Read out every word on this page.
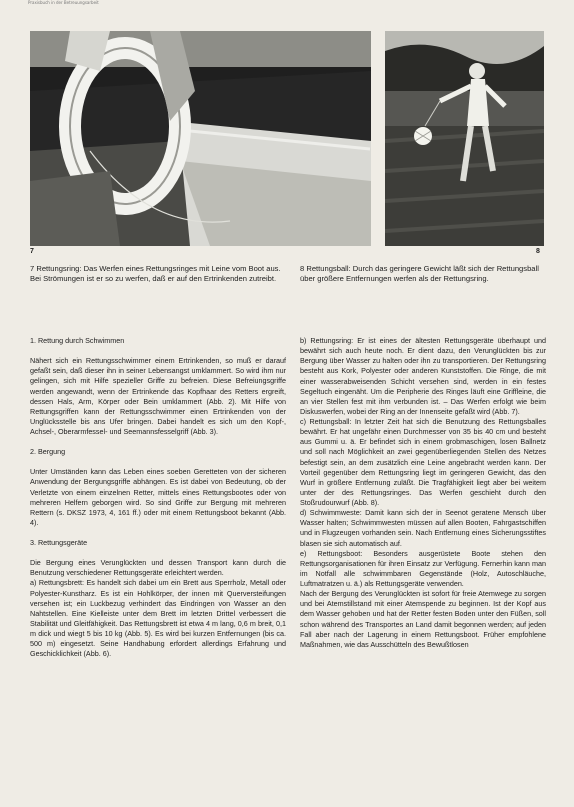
Praxisbuch in der Betreuungsarbeit
7	8
7 Rettungsring: Das Werfen eines Rettungsringes mit Leine vom Boot aus. Bei Strömungen ist er so zu werfen, daß er auf den Ertrinkenden zutreibt.
8 Rettungsball: Durch das geringere Gewicht läßt sich der Rettungsball über größere Entfernungen werfen als der Rettungsring.

1. Rettung durch Schwimmen

Nähert sich ein Rettungsschwimmer einem Ertrinkenden, so muß er darauf gefaßt sein, daß dieser ihn in seiner Lebensangst umklammert. So wird ihm nur gelingen, sich mit Hilfe spezieller Griffe zu befreien. Diese Befreiungsgriffe werden angewandt, wenn der Ertrinkende das Kopfhaar des Retters ergreift, dessen Hals, Arm, Körper oder Bein umklammert (Abb. 2). Mit Hilfe von Rettungsgriffen kann der Rettungsschwimmer einen Ertrinkenden von der Unglücksstelle bis ans Ufer bringen. Dabei handelt es sich um den Kopf-, Achsel-, Oberarmfessel- und Seemannsfesselgriff (Abb. 3).

2. Bergung

Unter Umständen kann das Leben eines soeben Geretteten von der sicheren Anwendung der Bergungsgriffe abhängen. Es ist dabei von Bedeutung, ob der Verletzte von einem einzelnen Retter, mittels eines Rettungsbootes oder von mehreren Helfern geborgen wird. So sind Griffe zur Bergung mit mehreren Rettern (s. DKSZ 1973, 4, 161 ff.) oder mit einem Rettungsboot bekannt (Abb. 4).

3. Rettungsgeräte

Die Bergung eines Verunglückten und dessen Transport kann durch die Benutzung verschiedener Rettungsgeräte erleichtert werden.

a) Rettungsbrett: Es handelt sich dabei um ein Brett aus Sperrholz, Metall oder Polyester-Kunstharz. Es ist ein Hohlkörper, der innen mit Querversteifungen versehen ist; ein Luckbezug verhindert das Eindringen von Wasser an den Nahtstellen. Eine Kielleiste unter dem Brett im letzten Drittel verbessert die Stabilität und Gleitfähigkeit. Das Rettungsbrett ist etwa 4 m lang, 0,6 m breit, 0,1 m dick und wiegt 5 bis 10 kg (Abb. 5). Es wird bei kurzen Entfernungen (bis ca. 500 m) eingesetzt. Seine Handhabung erfordert allerdings Erfahrung und Geschicklichkeit (Abb. 6).

b) Rettungsring: Er ist eines der ältesten Rettungsgeräte überhaupt und bewährt sich auch heute noch. Er dient dazu, den Verunglückten bis zur Bergung über Wasser zu halten oder ihn zu transportieren. Der Rettungsring besteht aus Kork, Polyester oder anderen Kunststoffen. Die Ringe, die mit einer wasserabweisenden Schicht versehen sind, werden in ein festes Segeltuch eingenäht. Um die Peripherie des Ringes läuft eine Griffleine, die an vier Stellen fest mit ihm verbunden ist. – Das Werfen erfolgt wie beim Diskuswerfen, wobei der Ring an der Innenseite gefaßt wird (Abb. 7).

c) Rettungsball: In letzter Zeit hat sich die Benutzung des Rettungsballes bewährt. Er hat ungefähr einen Durchmesser von 35 bis 40 cm und besteht aus Gummi u. ä. Er befindet sich in einem grobmaschigen, losen Ballnetz und soll nach Möglichkeit an zwei gegenüberliegenden Stellen des Netzes befestigt sein, an dem zusätzlich eine Leine angebracht werden kann. Der Vorteil gegenüber dem Rettungsring liegt im geringeren Gewicht, das den Wurf in größere Entfernung zuläßt. Die Tragfähigkeit liegt aber bei weitem unter der des Rettungsringes. Das Werfen geschieht durch den Stoßrudourwurf (Abb. 8).

d) Schwimmweste: Damit kann sich der in Seenot geratene Mensch über Wasser halten; Schwimmwesten müssen auf allen Booten, Fahrgastschiffen und in Flugzeugen vorhanden sein. Nach Entfernung eines Sicherungsstiftes blasen sie sich automatisch auf.

e) Rettungsboot: Besonders ausgerüstete Boote stehen den Rettungsorganisationen für ihren Einsatz zur Verfügung. Fernerhin kann man im Notfall alle schwimmbaren Gegenstände (Holz, Autoschläuche, Luftmatratzen u. ä.) als Rettungsgeräte verwenden.

Nach der Bergung des Verunglückten ist sofort für freie Atemwege zu sorgen und bei Atemstillstand mit einer Atemspende zu beginnen. Ist der Kopf aus dem Wasser gehoben und hat der Retter festen Boden unter den Füßen, soll schon während des Transportes an Land damit begonnen werden; auf jeden Fall aber nach der Lagerung in einem Rettungsboot. Früher empfohlene Maßnahmen, wie das Ausschütteln des Bewußtlosen
